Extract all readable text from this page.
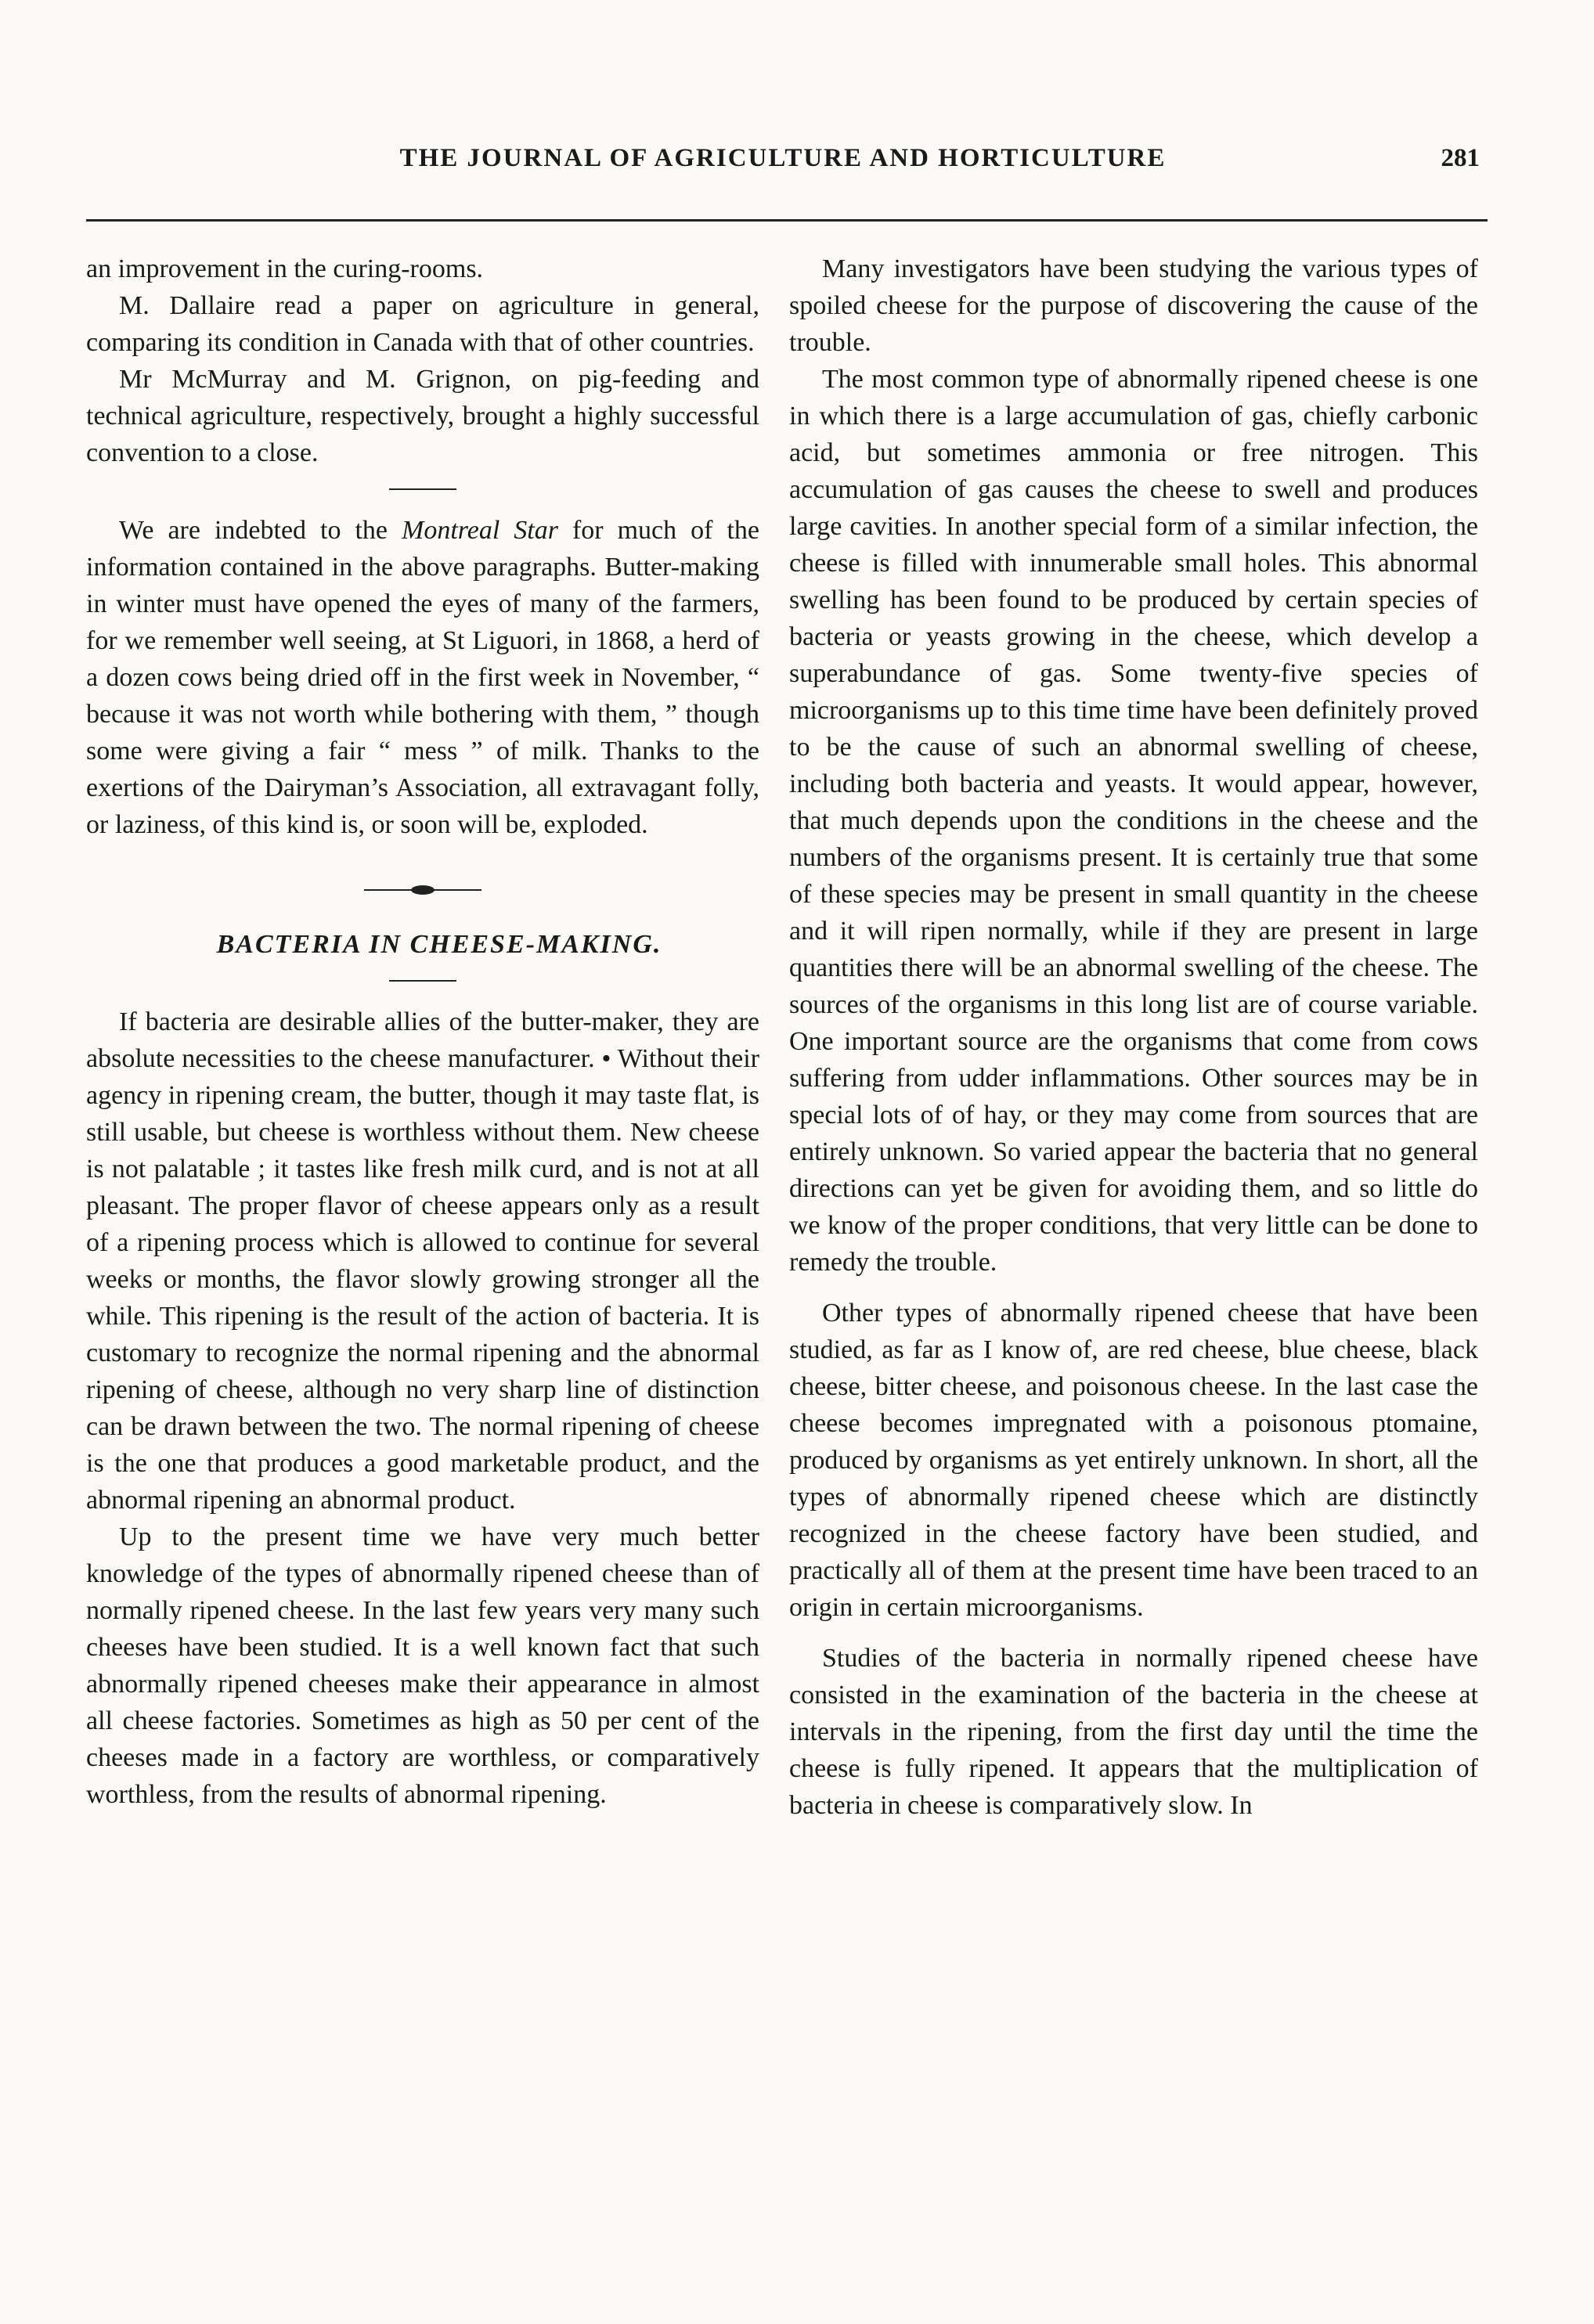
THE JOURNAL OF AGRICULTURE AND HORTICULTURE	281

an improvement in the curing-rooms.

M. Dallaire read a paper on agriculture in general, comparing its condition in Canada with that of other countries.

Mr McMurray and M. Grignon, on pig-feeding and technical agriculture, respectively, brought a highly successful convention to a close.

We are indebted to the Montreal Star for much of the information contained in the above paragraphs. Butter-making in winter must have opened the eyes of many of the farmers, for we remember well seeing, at St Liguori, in 1868, a herd of a dozen cows being dried off in the first week in November, “ because it was not worth while bothering with them, ” though some were giving a fair “ mess ” of milk. Thanks to the exertions of the Dairyman’s Association, all extravagant folly, or laziness, of this kind is, or soon will be, exploded.

BACTERIA IN CHEESE-MAKING.

If bacteria are desirable allies of the butter-maker, they are absolute necessities to the cheese manufacturer. • Without their agency in ripening cream, the butter, though it may taste flat, is still usable, but cheese is worthless without them. New cheese is not palatable ; it tastes like fresh milk curd, and is not at all pleasant. The proper flavor of cheese appears only as a result of a ripening process which is allowed to continue for several weeks or months, the flavor slowly growing stronger all the while. This ripening is the result of the action of bacteria. It is customary to recognize the normal ripening and the abnormal ripening of cheese, although no very sharp line of distinction can be drawn between the two. The normal ripening of cheese is the one that produces a good marketable product, and the abnormal ripening an abnormal product.

Up to the present time we have very much better knowledge of the types of abnormally ripened cheese than of normally ripened cheese. In the last few years very many such cheeses have been studied. It is a well known fact that such abnormally ripened cheeses make their appearance in almost all cheese factories. Sometimes as high as 50 per cent of the cheeses made in a factory are worthless, or comparatively worthless, from the results of abnormal ripening.

Many investigators have been studying the various types of spoiled cheese for the purpose of discovering the cause of the trouble.

The most common type of abnormally ripened cheese is one in which there is a large accumulation of gas, chiefly carbonic acid, but sometimes ammonia or free nitrogen. This accumulation of gas causes the cheese to swell and produces large cavities. In another special form of a similar infection, the cheese is filled with innumerable small holes. This abnormal swelling has been found to be produced by certain species of bacteria or yeasts growing in the cheese, which develop a superabundance of gas. Some twenty-five species of microorganisms up to this time time have been definitely proved to be the cause of such an abnormal swelling of cheese, including both bacteria and yeasts. It would appear, however, that much depends upon the conditions in the cheese and the numbers of the organisms present. It is certainly true that some of these species may be present in small quantity in the cheese and it will ripen normally, while if they are present in large quantities there will be an abnormal swelling of the cheese. The sources of the organisms in this long list are of course variable. One important source are the organisms that come from cows suffering from udder inflammations. Other sources may be in special lots of of hay, or they may come from sources that are entirely unknown. So varied appear the bacteria that no general directions can yet be given for avoiding them, and so little do we know of the proper conditions, that very little can be done to remedy the trouble.

Other types of abnormally ripened cheese that have been studied, as far as I know of, are red cheese, blue cheese, black cheese, bitter cheese, and poisonous cheese. In the last case the cheese becomes impregnated with a poisonous ptomaine, produced by organisms as yet entirely unknown. In short, all the types of abnormally ripened cheese which are distinctly recognized in the cheese factory have been studied, and practically all of them at the present time have been traced to an origin in certain microorganisms.

Studies of the bacteria in normally ripened cheese have consisted in the examination of the bacteria in the cheese at intervals in the ripening, from the first day until the time the cheese is fully ripened. It appears that the multiplication of bacteria in cheese is comparatively slow. In
